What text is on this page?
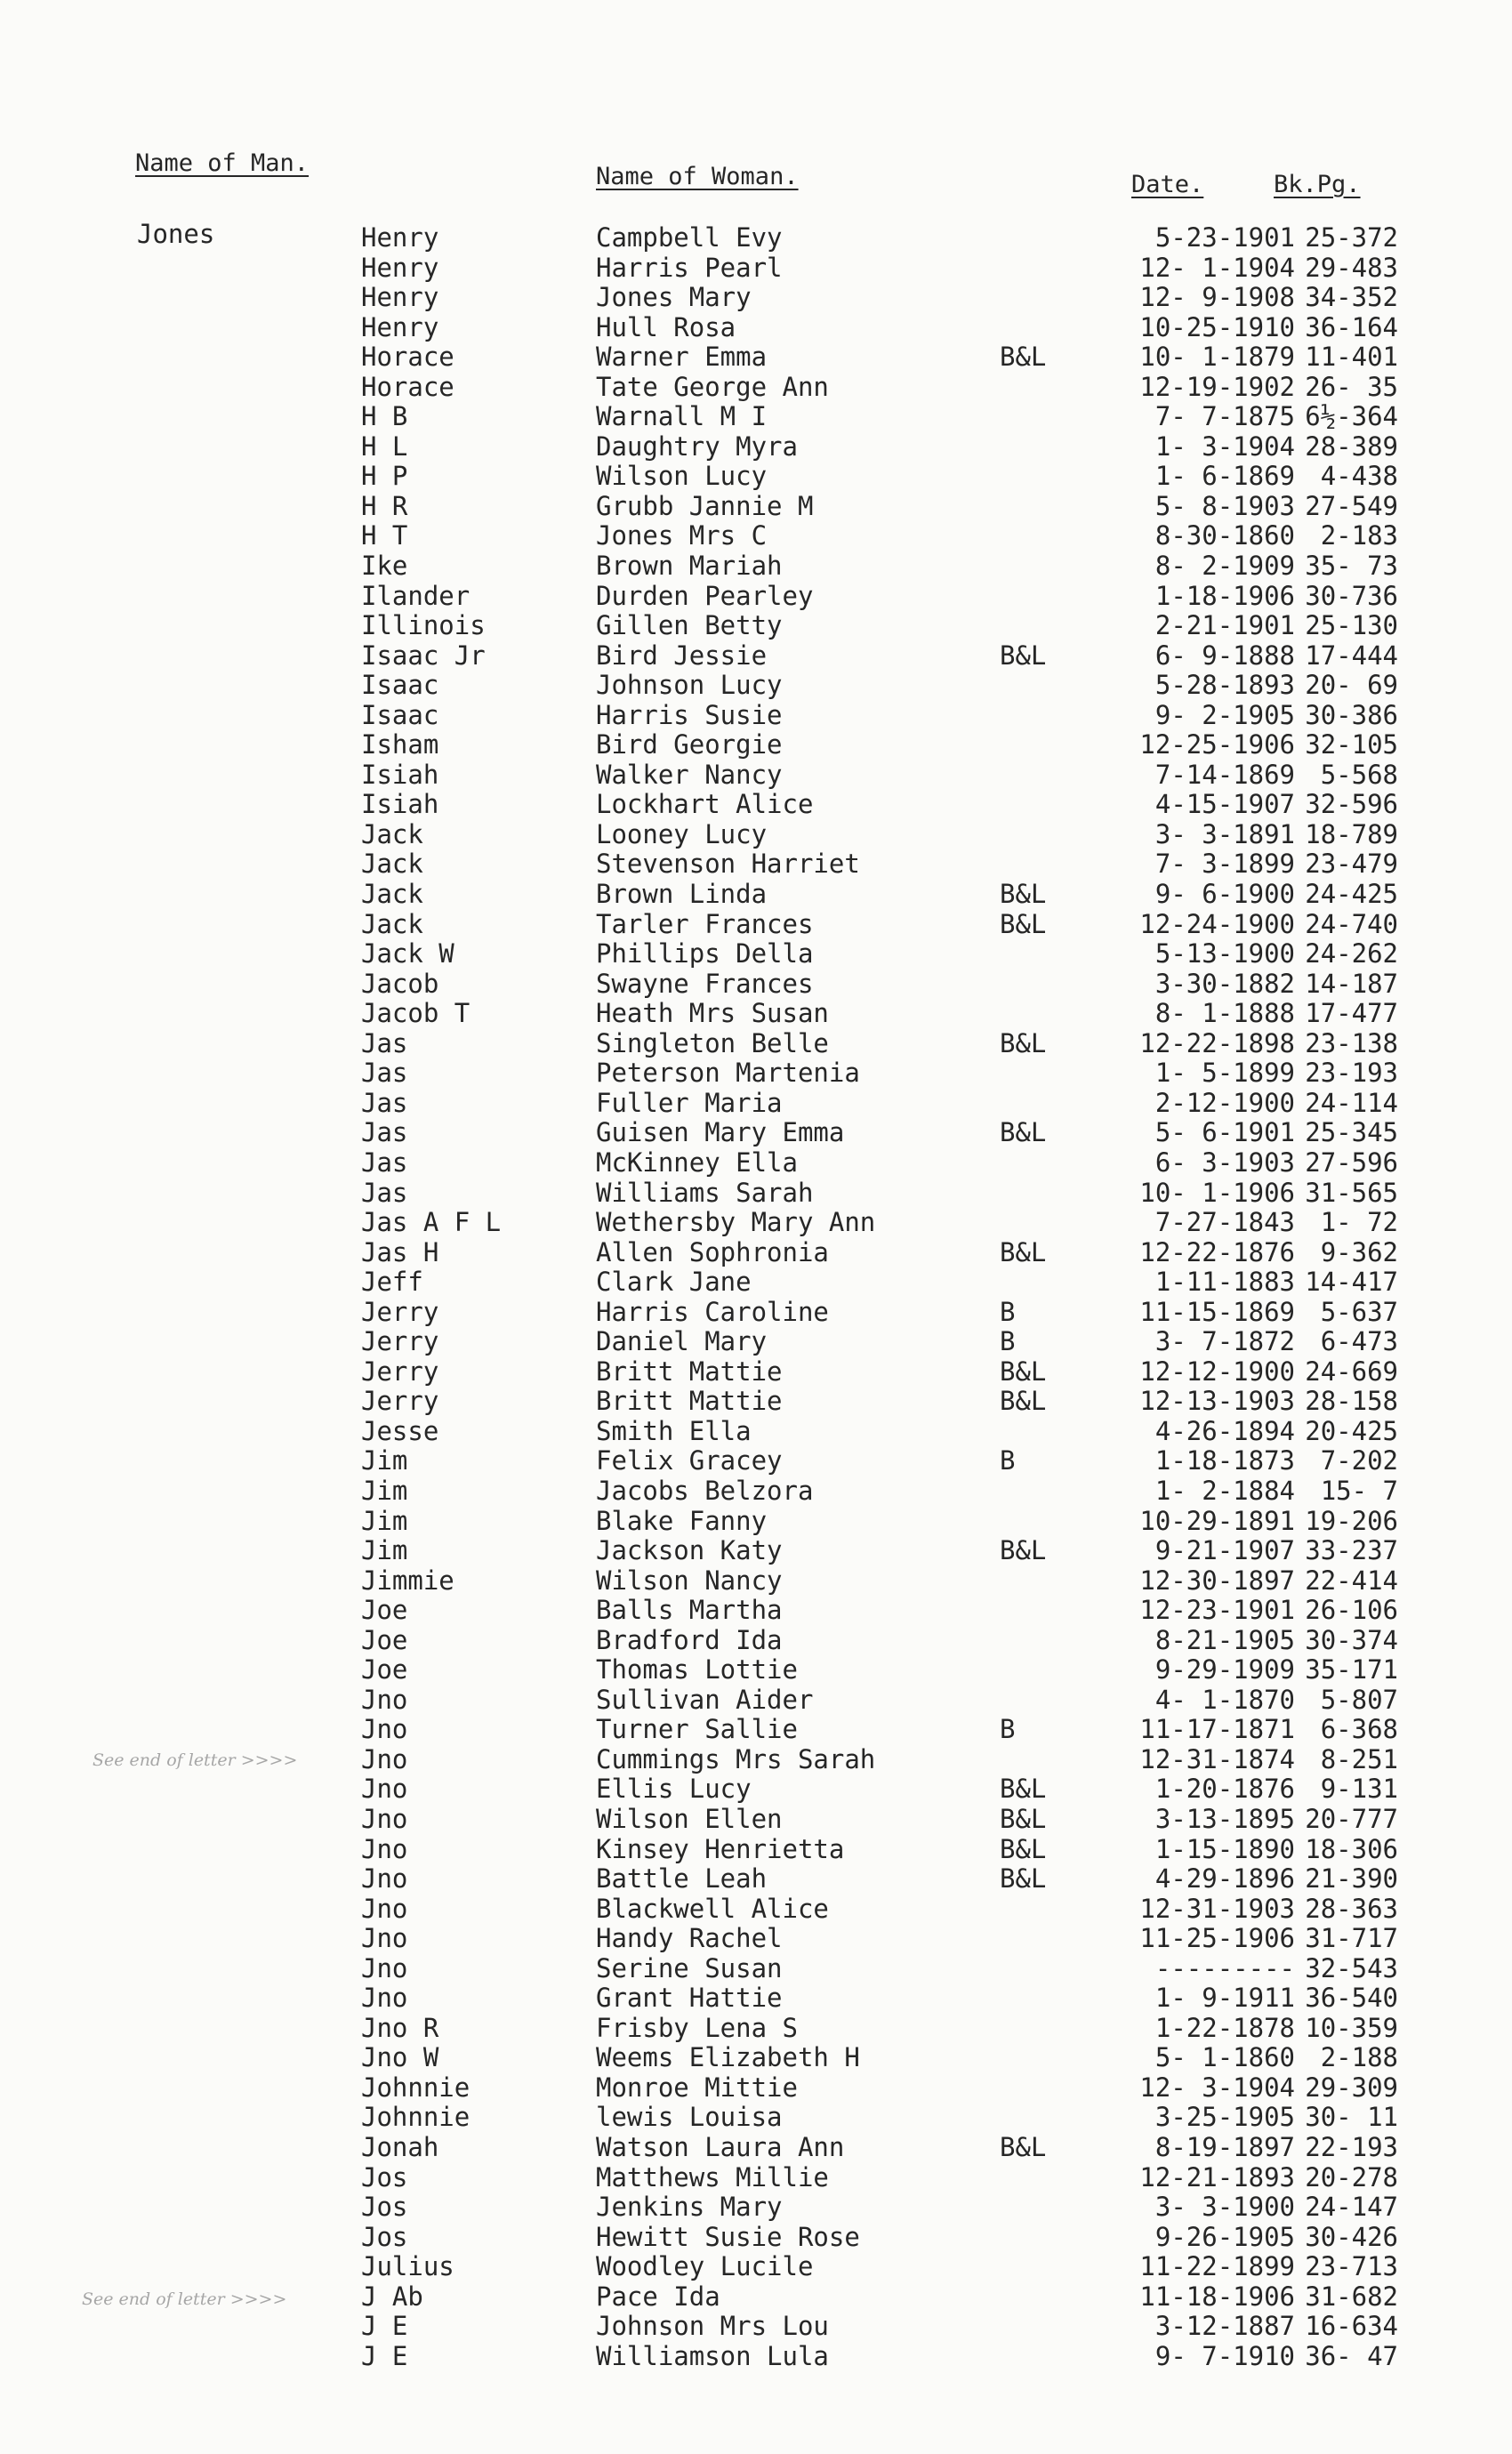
Name of Man.	Name of Woman.	Date.	Bk.Pg.
Jones
See end of letter >>>>
See end of letter >>>>
Henry	Campbell Evy	5-23-1901 25-372
Henry	Harris Pearl	12- 1-1904 29-483
Henry	Jones Mary	12- 9-1908 34-352
Henry	Hull Rosa	10-25-1910 36-164
Horace	Warner Emma	B&L	10- 1-1879 11-401
Horace	Tate George Ann	12-19-1902 26- 35
H B	Warnall M I	7- 7-1875 6½-364
H L	Daughtry Myra	1- 3-1904 28-389
H P	Wilson Lucy	1- 6-1869 4-438
H R	Grubb Jannie M	5- 8-1903 27-549
H T	Jones Mrs C	8-30-1860 2-183
Ike	Brown Mariah	8- 2-1909 35- 73
Ilander	Durden Pearley	1-18-1906 30-736
Illinois	Gillen Betty	2-21-1901 25-130
Isaac Jr	Bird Jessie	B&L	6- 9-1888 17-444
Isaac	Johnson Lucy	5-28-1893 20- 69
Isaac	Harris Susie	9- 2-1905 30-386
Isham	Bird Georgie	12-25-1906 32-105
Isiah	Walker Nancy	7-14-1869 5-568
Isiah	Lockhart Alice	4-15-1907 32-596
Jack	Looney Lucy	3- 3-1891 18-789
Jack	Stevenson Harriet	7- 3-1899 23-479
Jack	Brown Linda	B&L	9- 6-1900 24-425
Jack	Tarler Frances	B&L	12-24-1900 24-740
Jack W	Phillips Della	5-13-1900 24-262
Jacob	Swayne Frances	3-30-1882 14-187
Jacob T	Heath Mrs Susan	8- 1-1888 17-477
Jas	Singleton Belle	B&L	12-22-1898 23-138
Jas	Peterson Martenia	1- 5-1899 23-193
Jas	Fuller Maria	2-12-1900 24-114
Jas	Guisen Mary Emma	B&L	5- 6-1901 25-345
Jas	McKinney Ella	6- 3-1903 27-596
Jas	Williams Sarah	10- 1-1906 31-565
Jas A F L	Wethersby Mary Ann	7-27-1843 1- 72
Jas H	Allen Sophronia	B&L	12-22-1876 9-362
Jeff	Clark Jane	1-11-1883 14-417
Jerry	Harris Caroline	B	11-15-1869 5-637
Jerry	Daniel Mary	B	3- 7-1872 6-473
Jerry	Britt Mattie	B&L	12-12-1900 24-669
Jerry	Britt Mattie	B&L	12-13-1903 28-158
Jesse	Smith Ella	4-26-1894 20-425
Jim	Felix Gracey	B	1-18-1873 7-202
Jim	Jacobs Belzora	1- 2-1884 15- 7
Jim	Blake Fanny	10-29-1891 19-206
Jim	Jackson Katy	B&L	9-21-1907 33-237
Jimmie	Wilson Nancy	12-30-1897 22-414
Joe	Balls Martha	12-23-1901 26-106
Joe	Bradford Ida	8-21-1905 30-374
Joe	Thomas Lottie	9-29-1909 35-171
Jno	Sullivan Aider	4- 1-1870 5-807
Jno	Turner Sallie	B	11-17-1871 6-368
Jno	Cummings Mrs Sarah	12-31-1874 8-251
Jno	Ellis Lucy	B&L	1-20-1876 9-131
Jno	Wilson Ellen	B&L	3-13-1895 20-777
Jno	Kinsey Henrietta	B&L	1-15-1890 18-306
Jno	Battle Leah	B&L	4-29-1896 21-390
Jno	Blackwell Alice	12-31-1903 28-363
Jno	Handy Rachel	11-25-1906 31-717
Jno	Serine Susan	--------- 32-543
Jno	Grant Hattie	1- 9-1911 36-540
Jno R	Frisby Lena S	1-22-1878 10-359
Jno W	Weems Elizabeth H	5- 1-1860 2-188
Johnnie	Monroe Mittie	12- 3-1904 29-309
Johnnie	lewis Louisa	3-25-1905 30- 11
Jonah	Watson Laura Ann	B&L	8-19-1897 22-193
Jos	Matthews Millie	12-21-1893 20-278
Jos	Jenkins Mary	3- 3-1900 24-147
Jos	Hewitt Susie Rose	9-26-1905 30-426
Julius	Woodley Lucile	11-22-1899 23-713
J Ab	Pace Ida	11-18-1906 31-682
J E	Johnson Mrs Lou	3-12-1887 16-634
J E	Williamson Lula	9- 7-1910 36- 47
